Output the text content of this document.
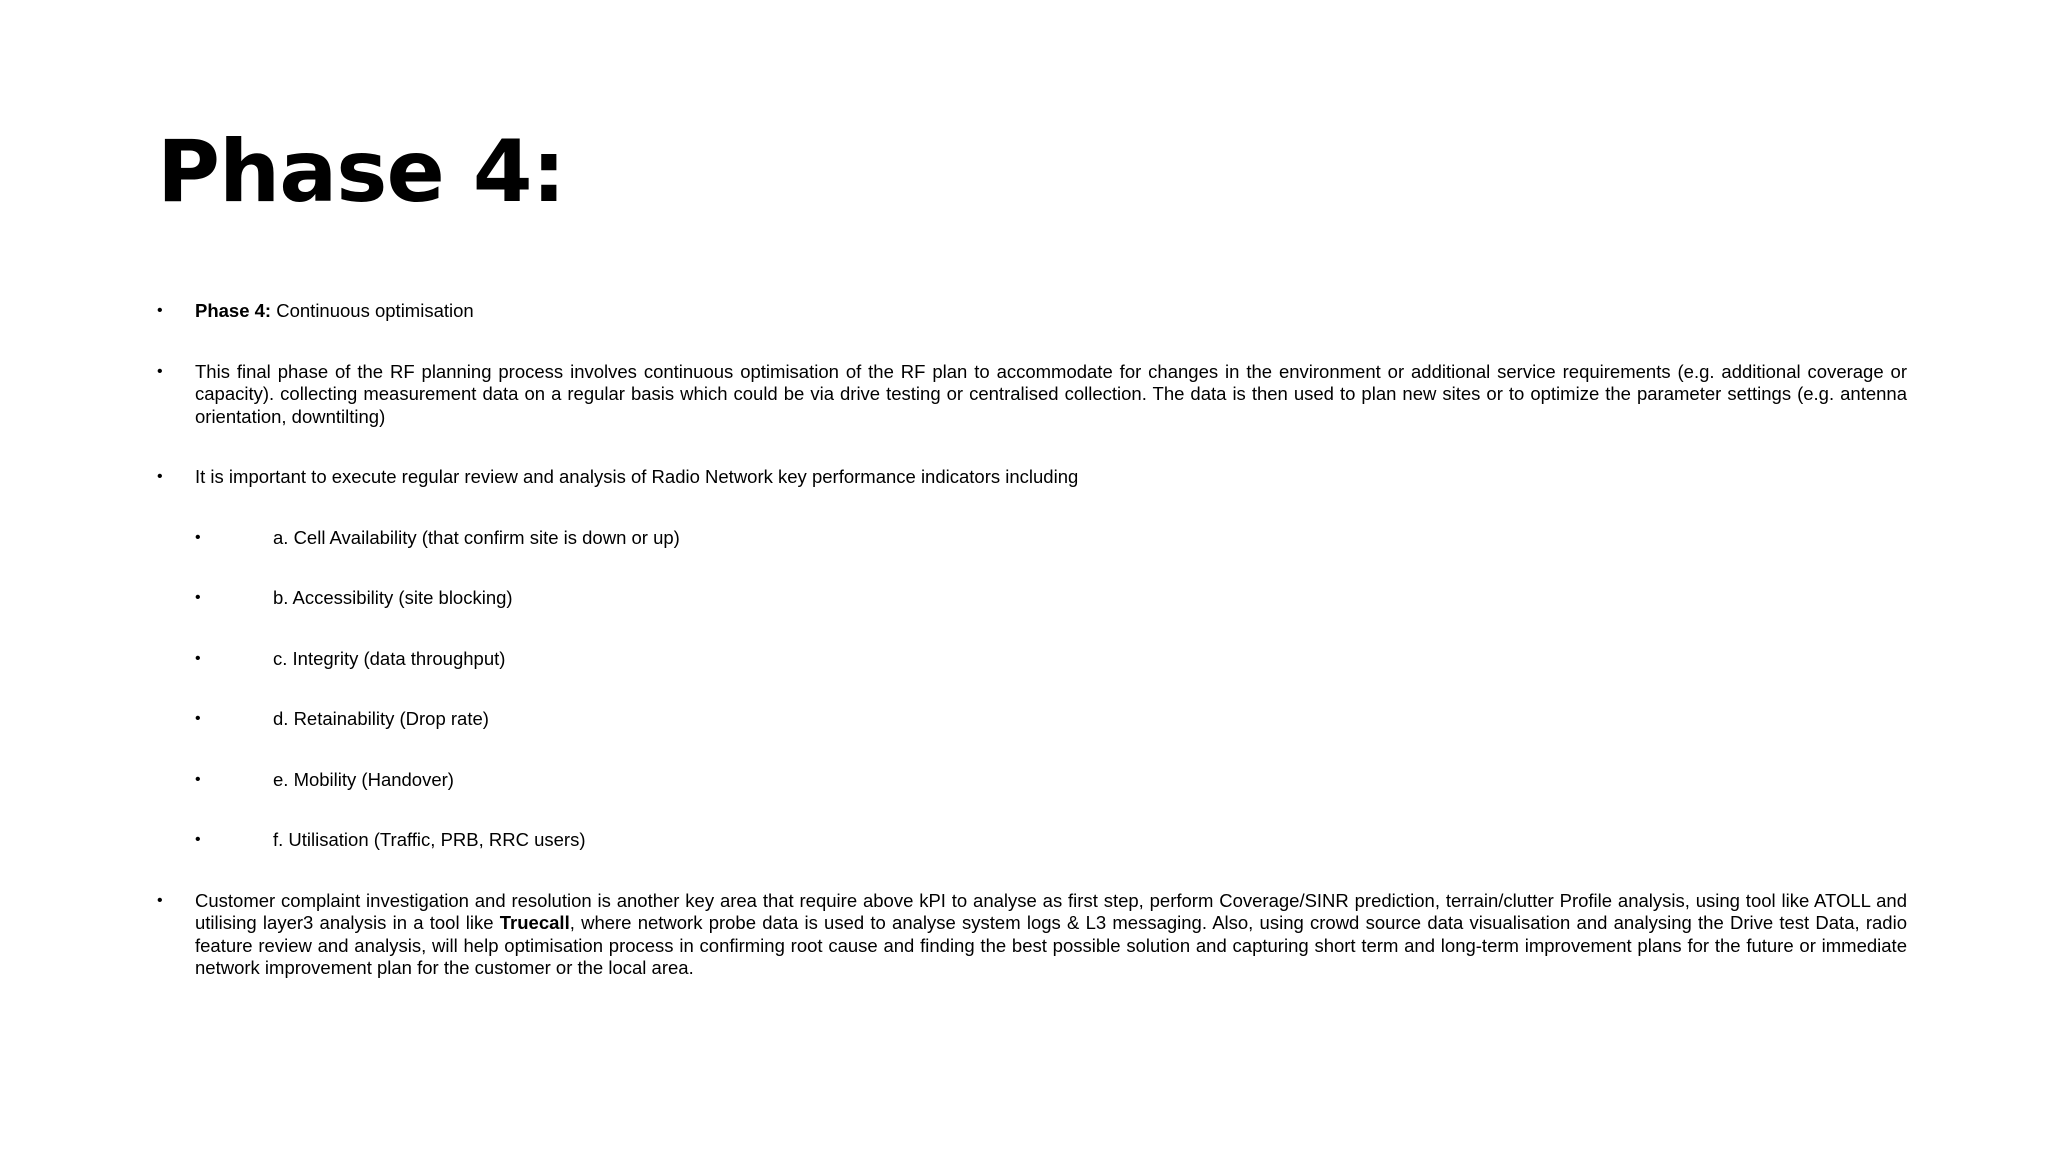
Phase 4:
•	Phase 4: Continuous optimisation
•	This final phase of the RF planning process involves continuous optimisation of the RF plan to accommodate for changes in the environment or additional service requirements (e.g. additional coverage or capacity). collecting measurement data on a regular basis which could be via drive testing or centralised collection. The data is then used to plan new sites or to optimize the parameter settings (e.g. antenna orientation, downtilting)
•	It is important to execute regular review and analysis of Radio Network key performance indicators including
•	a. Cell Availability (that confirm site is down or up)
•	b. Accessibility (site blocking)
•	c. Integrity (data throughput)
•	d. Retainability (Drop rate)
•	e. Mobility (Handover)
•	f. Utilisation (Traffic, PRB, RRC users)
•	Customer complaint investigation and resolution is another key area that require above kPI to analyse as first step, perform Coverage/SINR prediction, terrain/clutter Profile analysis, using tool like ATOLL and utilising layer3 analysis in a tool like Truecall, where network probe data is used to analyse system logs & L3 messaging. Also, using crowd source data visualisation and analysing the Drive test Data, radio feature review and analysis, will help optimisation process in confirming root cause and finding the best possible solution and capturing short term and long-term improvement plans for the future or immediate network improvement plan for the customer or the local area.
